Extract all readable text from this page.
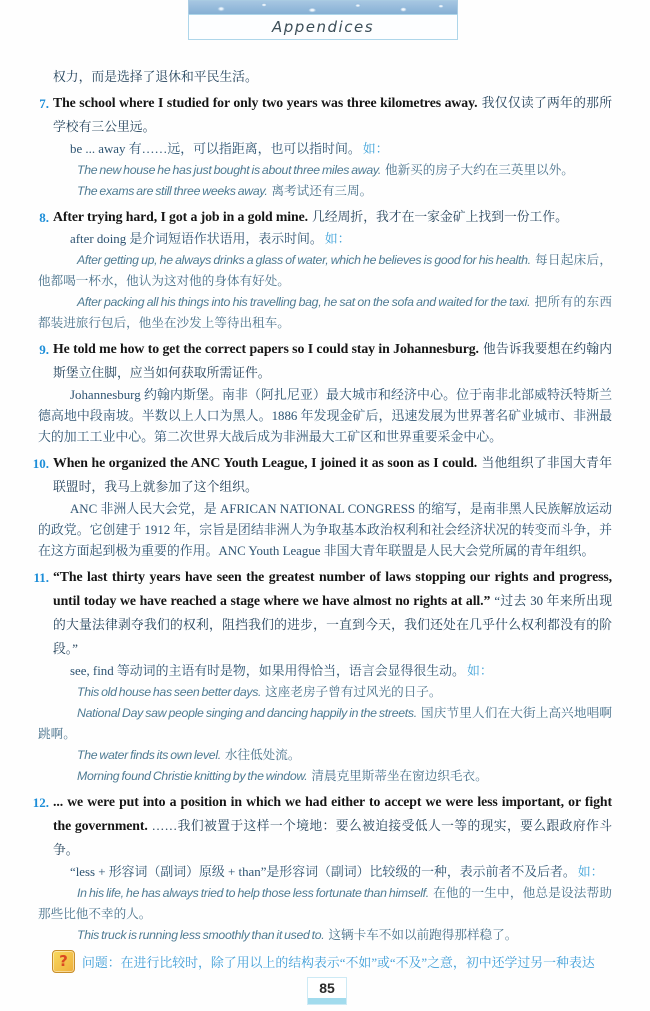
Appendices

权力，而是选择了退休和平民生活。

7. The school where I studied for only two years was three kilometres away. 我仅仅读了两年的那所学校有三公里远。

be ... away 有……远，可以指距离，也可以指时间。 如：

The new house he has just bought is about three miles away. 他新买的房子大约在三英里以外。

The exams are still three weeks away. 离考试还有三周。

8. After trying hard, I got a job in a gold mine. 几经周折，我才在一家金矿上找到一份工作。

after doing 是介词短语作状语用，表示时间。 如：

After getting up, he always drinks a glass of water, which he believes is good for his health. 每日起床后，他都喝一杯水，他认为这对他的身体有好处。

After packing all his things into his travelling bag, he sat on the sofa and waited for the taxi. 把所有的东西都装进旅行包后，他坐在沙发上等待出租车。

9. He told me how to get the correct papers so I could stay in Johannesburg. 他告诉我要想在约翰内斯堡立住脚，应当如何获取所需证件。

Johannesburg 约翰内斯堡。南非（阿扎尼亚）最大城市和经济中心。位于南非北部威特沃特斯兰德高地中段南坡。半数以上人口为黑人。1886 年发现金矿后，迅速发展为世界著名矿业城市、非洲最大的加工工业中心。第二次世界大战后成为非洲最大工矿区和世界重要采金中心。

10. When he organized the ANC Youth League, I joined it as soon as I could. 当他组织了非国大青年联盟时，我马上就参加了这个组织。

ANC 非洲人民大会党，是 AFRICAN NATIONAL CONGRESS 的缩写，是南非黑人民族解放运动的政党。它创建于 1912 年，宗旨是团结非洲人为争取基本政治权利和社会经济状况的转变而斗争，并在这方面起到极为重要的作用。ANC Youth League 非国大青年联盟是人民大会党所属的青年组织。

11. “The last thirty years have seen the greatest number of laws stopping our rights and progress, until today we have reached a stage where we have almost no rights at all.” “过去 30 年来所出现的大量法律剥夺我们的权利，阻挡我们的进步，一直到今天，我们还处在几乎什么权利都没有的阶段。”

see, find 等动词的主语有时是物，如果用得恰当，语言会显得很生动。 如：

This old house has seen better days. 这座老房子曾有过风光的日子。

National Day saw people singing and dancing happily in the streets. 国庆节里人们在大街上高兴地唱啊跳啊。

The water finds its own level. 水往低处流。

Morning found Christie knitting by the window. 清晨克里斯蒂坐在窗边织毛衣。

12. ... we were put into a position in which we had either to accept we were less important, or fight the government. ……我们被置于这样一个境地：要么被迫接受低人一等的现实，要么跟政府作斗争。

“less + 形容词（副词）原级 + than”是形容词（副词）比较级的一种，表示前者不及后者。 如：

In his life, he has always tried to help those less fortunate than himself. 在他的一生中，他总是设法帮助那些比他不幸的人。

This truck is running less smoothly than it used to. 这辆卡车不如以前跑得那样稳了。

?	问题：在进行比较时，除了用以上的结构表示“不如”或“不及”之意，初中还学过另一种表达
85
